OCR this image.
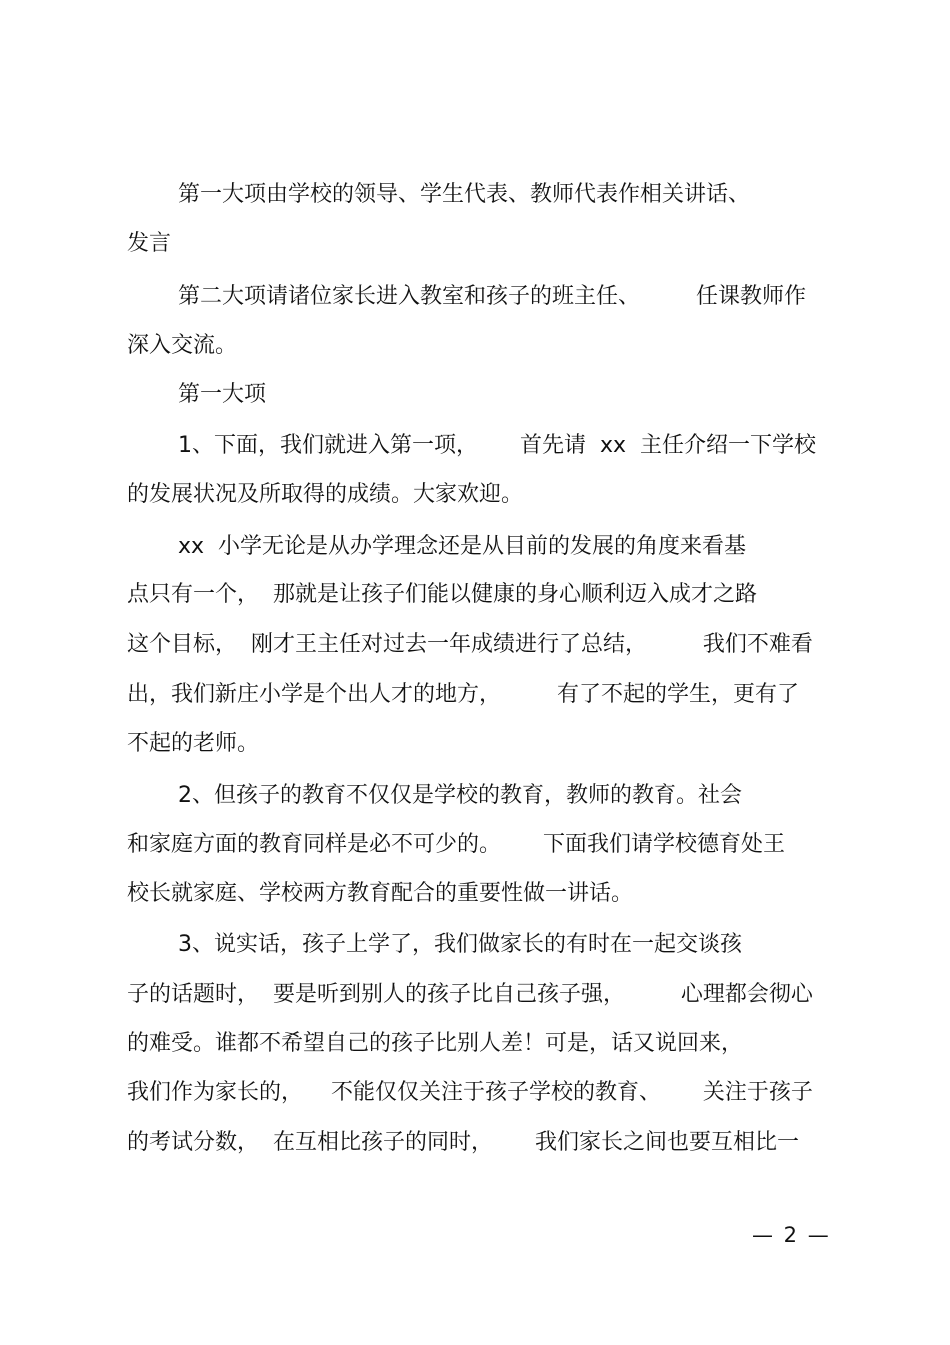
第一大项由学校的领导、学生代表、教师代表作相关讲话、

发言

第二大项请诸位家长进入教室和孩子的班主任、        任课教师作

深入交流。

第一大项

1、下面，我们就进入第一项，      首先请  xx  主任介绍一下学校

的发展状况及所取得的成绩。大家欢迎。

xx  小学无论是从办学理念还是从目前的发展的角度来看基

点只有一个，  那就是让孩子们能以健康的身心顺利迈入成才之路

这个目标，  刚才王主任对过去一年成绩进行了总结，        我们不难看

出，我们新庄小学是个出人才的地方，        有了不起的学生，更有了

不起的老师。

2、但孩子的教育不仅仅是学校的教育，教师的教育。社会

和家庭方面的教育同样是必不可少的。      下面我们请学校德育处王

校长就家庭、学校两方教育配合的重要性做一讲话。

3、说实话，孩子上学了，我们做家长的有时在一起交谈孩

子的话题时，  要是听到别人的孩子比自己孩子强，        心理都会彻心

的难受。谁都不希望自己的孩子比别人差！可是，话又说回来，

我们作为家长的，    不能仅仅关注于孩子学校的教育、      关注于孩子

的考试分数，  在互相比孩子的同时，      我们家长之间也要互相比一

— 2 —
